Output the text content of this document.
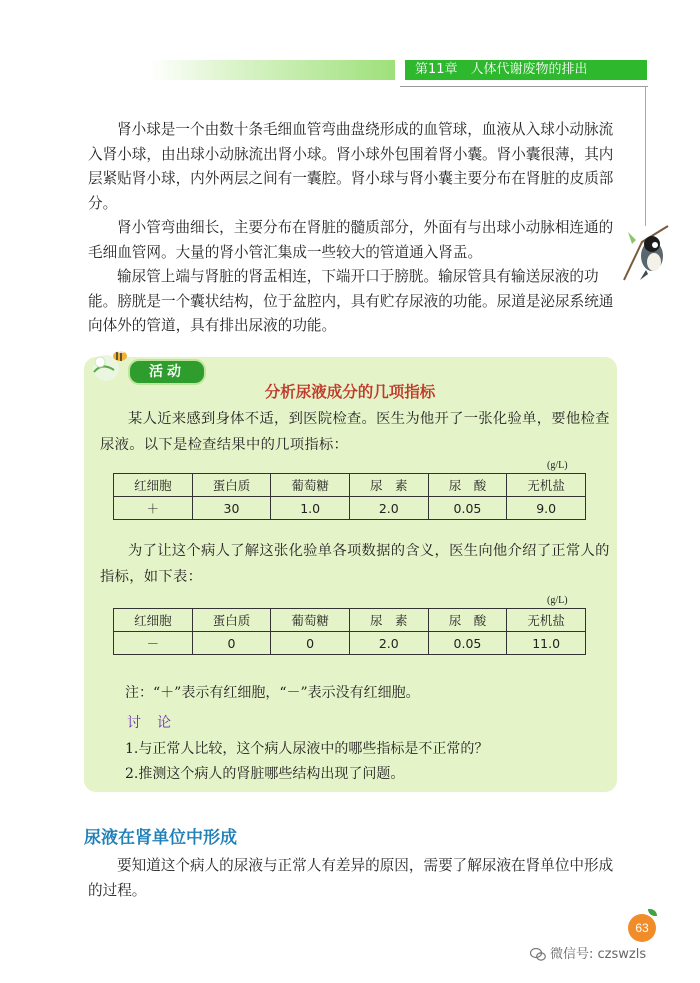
第11章　人体代谢废物的排出

肾小球是一个由数十条毛细血管弯曲盘绕形成的血管球，血液从入球小动脉流入肾小球，由出球小动脉流出肾小球。肾小球外包围着肾小囊。肾小囊很薄，其内层紧贴肾小球，内外两层之间有一囊腔。肾小球与肾小囊主要分布在肾脏的皮质部分。

肾小管弯曲细长，主要分布在肾脏的髓质部分，外面有与出球小动脉相连通的毛细血管网。大量的肾小管汇集成一些较大的管道通入肾盂。

输尿管上端与肾脏的肾盂相连，下端开口于膀胱。输尿管具有输送尿液的功能。膀胱是一个囊状结构，位于盆腔内，具有贮存尿液的功能。尿道是泌尿系统通向体外的管道，具有排出尿液的功能。

活动

分析尿液成分的几项指标

某人近来感到身体不适，到医院检查。医生为他开了一张化验单，要他检查尿液。以下是检查结果中的几项指标：

(g/L)
红细胞	蛋白质	葡萄糖	尿　素	尿　酸	无机盐
＋	30	1.0	2.0	0.05	9.0

为了让这个病人了解这张化验单各项数据的含义，医生向他介绍了正常人的指标，如下表：

(g/L)
红细胞	蛋白质	葡萄糖	尿　素	尿　酸	无机盐
－	0	0	2.0	0.05	11.0

注：“＋”表示有红细胞，“－”表示没有红细胞。

讨论

1.与正常人比较，这个病人尿液中的哪些指标是不正常的？

2.推测这个病人的肾脏哪些结构出现了问题。

尿液在肾单位中形成

要知道这个病人的尿液与正常人有差异的原因，需要了解尿液在肾单位中形成的过程。

63
微信号: czswzls
